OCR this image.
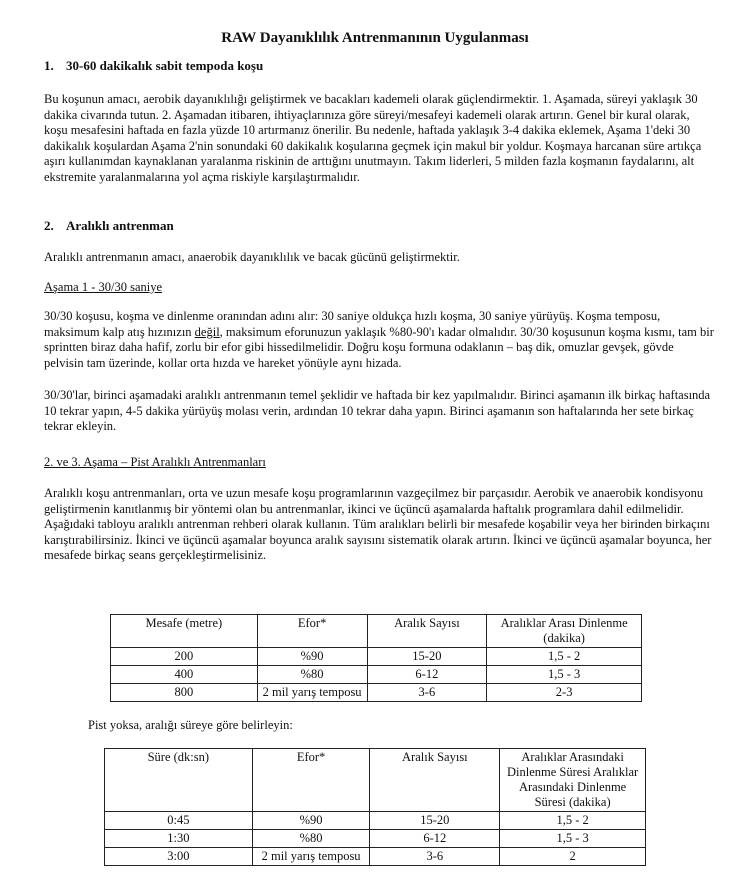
RAW Dayanıklılık Antrenmanının Uygulanması
1. 30-60 dakikalık sabit tempoda koşu
Bu koşunun amacı, aerobik dayanıklılığı geliştirmek ve bacakları kademeli olarak güçlendirmektir. 1. Aşamada, süreyi yaklaşık 30 dakika civarında tutun. 2. Aşamadan itibaren, ihtiyaçlarınıza göre süreyi/mesafeyi kademeli olarak artırın. Genel bir kural olarak, koşu mesafesini haftada en fazla yüzde 10 artırmanız önerilir. Bu nedenle, haftada yaklaşık 3-4 dakika eklemek, Aşama 1'deki 30 dakikalık koşulardan Aşama 2'nin sonundaki 60 dakikalık koşularına geçmek için makul bir yoldur. Koşmaya harcanan süre artıkça aşırı kullanımdan kaynaklanan yaralanma riskinin de arttığını unutmayın. Takım liderleri, 5 milden fazla koşmanın faydalarını, alt ekstremite yaralanmalarına yol açma riskiyle karşılaştırmalıdır.
2. Aralıklı antrenman
Aralıklı antrenmanın amacı, anaerobik dayanıklılık ve bacak gücünü geliştirmektir.
Aşama 1 - 30/30 saniye
30/30 koşusu, koşma ve dinlenme oranından adını alır: 30 saniye oldukça hızlı koşma, 30 saniye yürüyüş. Koşma temposu, maksimum kalp atış hızınızın değil, maksimum eforunuzun yaklaşık %80-90'ı kadar olmalıdır. 30/30 koşusunun koşma kısmı, tam bir sprintten biraz daha hafif, zorlu bir efor gibi hissedilmelidir. Doğru koşu formuna odaklanın – baş dik, omuzlar gevşek, gövde pelvisin tam üzerinde, kollar orta hızda ve hareket yönüyle aynı hizada.
30/30'lar, birinci aşamadaki aralıklı antrenmanın temel şeklidir ve haftada bir kez yapılmalıdır. Birinci aşamanın ilk birkaç haftasında 10 tekrar yapın, 4-5 dakika yürüyüş molası verin, ardından 10 tekrar daha yapın. Birinci aşamanın son haftalarında her sete birkaç tekrar ekleyin.
2. ve 3. Aşama – Pist Aralıklı Antrenmanları
Aralıklı koşu antrenmanları, orta ve uzun mesafe koşu programlarının vazgeçilmez bir parçasıdır. Aerobik ve anaerobik kondisyonu geliştirmenin kanıtlanmış bir yöntemi olan bu antrenmanlar, ikinci ve üçüncü aşamalarda haftalık programlara dahil edilmelidir. Aşağıdaki tabloyu aralıklı antrenman rehberi olarak kullanın. Tüm aralıkları belirli bir mesafede koşabilir veya her birinden birkaçını karıştırabilirsiniz. İkinci ve üçüncü aşamalar boyunca aralık sayısını sistematik olarak artırın. İkinci ve üçüncü aşamalar boyunca, her mesafede birkaç seans gerçekleştirmelisiniz.
Mesafe (metre)	Efor*	Aralık Sayısı	Aralıklar Arası Dinlenme (dakika)
200	%90	15-20	1,5 - 2
400	%80	6-12	1,5 - 3
800	2 mil yarış temposu	3-6	2-3
Pist yoksa, aralığı süreye göre belirleyin:
Süre (dk:sn)	Efor*	Aralık Sayısı	Aralıklar Arasındaki Dinlenme Süresi Aralıklar Arasındaki Dinlenme Süresi (dakika)
0:45	%90	15-20	1,5 - 2
1:30	%80	6-12	1,5 - 3
3:00	2 mil yarış temposu	3-6	2
